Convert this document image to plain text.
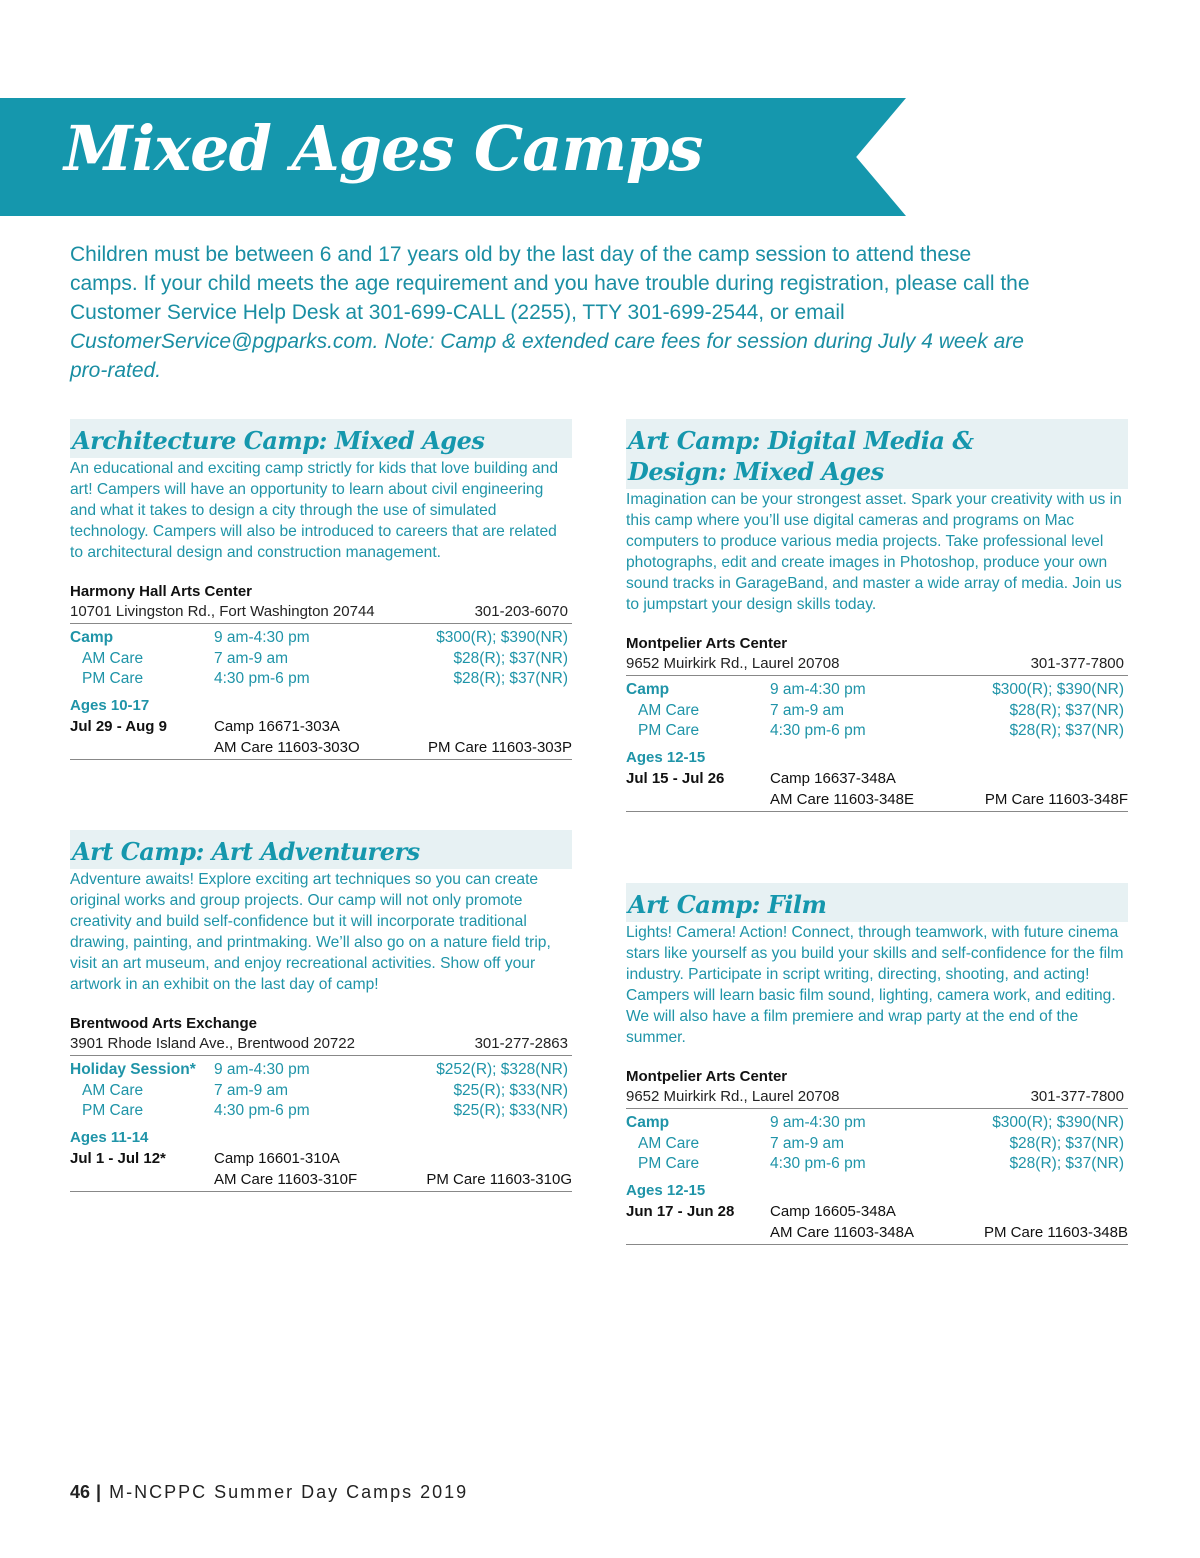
Mixed Ages Camps
Children must be between 6 and 17 years old by the last day of the camp session to attend these camps. If your child meets the age requirement and you have trouble during registration, please call the Customer Service Help Desk at 301-699-CALL (2255), TTY 301-699-2544, or email CustomerService@pgparks.com. Note: Camp & extended care fees for session during July 4 week are pro-rated.
Architecture Camp: Mixed Ages
An educational and exciting camp strictly for kids that love building and art! Campers will have an opportunity to learn about civil engineering and what it takes to design a city through the use of simulated technology. Campers will also be introduced to careers that are related to architectural design and construction management.
Harmony Hall Arts Center
10701 Livingston Rd., Fort Washington 20744	301-203-6070
Camp	9 am-4:30 pm	$300(R); $390(NR)
AM Care	7 am-9 am	$28(R); $37(NR)
PM Care	4:30 pm-6 pm	$28(R); $37(NR)
Ages 10-17
Jul 29 - Aug 9	Camp 16671-303A
AM Care 11603-303O	PM Care 11603-303P
Art Camp: Art Adventurers
Adventure awaits! Explore exciting art techniques so you can create original works and group projects. Our camp will not only promote creativity and build self-confidence but it will incorporate traditional drawing, painting, and printmaking. We’ll also go on a nature field trip, visit an art museum, and enjoy recreational activities. Show off your artwork in an exhibit on the last day of camp!
Brentwood Arts Exchange
3901 Rhode Island Ave., Brentwood 20722	301-277-2863
Holiday Session*	9 am-4:30 pm	$252(R); $328(NR)
AM Care	7 am-9 am	$25(R); $33(NR)
PM Care	4:30 pm-6 pm	$25(R); $33(NR)
Ages 11-14
Jul 1 - Jul 12*	Camp 16601-310A
AM Care 11603-310F	PM Care 11603-310G
Art Camp: Digital Media & Design: Mixed Ages
Imagination can be your strongest asset. Spark your creativity with us in this camp where you’ll use digital cameras and programs on Mac computers to produce various media projects. Take professional level photographs, edit and create images in Photoshop, produce your own sound tracks in GarageBand, and master a wide array of media. Join us to jumpstart your design skills today.
Montpelier Arts Center
9652 Muirkirk Rd., Laurel 20708	301-377-7800
Camp	9 am-4:30 pm	$300(R); $390(NR)
AM Care	7 am-9 am	$28(R); $37(NR)
PM Care	4:30 pm-6 pm	$28(R); $37(NR)
Ages 12-15
Jul 15 - Jul 26	Camp 16637-348A
AM Care 11603-348E	PM Care 11603-348F
Art Camp: Film
Lights! Camera! Action! Connect, through teamwork, with future cinema stars like yourself as you build your skills and self-confidence for the film industry. Participate in script writing, directing, shooting, and acting! Campers will learn basic film sound, lighting, camera work, and editing. We will also have a film premiere and wrap party at the end of the summer.
Montpelier Arts Center
9652 Muirkirk Rd., Laurel 20708	301-377-7800
Camp	9 am-4:30 pm	$300(R); $390(NR)
AM Care	7 am-9 am	$28(R); $37(NR)
PM Care	4:30 pm-6 pm	$28(R); $37(NR)
Ages 12-15
Jun 17 - Jun 28	Camp 16605-348A
AM Care 11603-348A	PM Care 11603-348B
46 | M-NCPPC Summer Day Camps 2019
